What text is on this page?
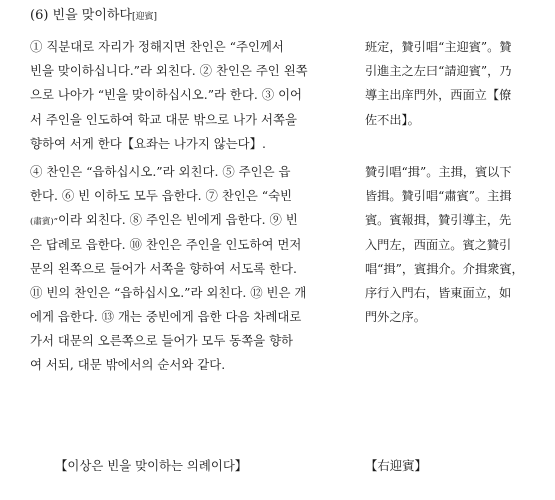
(6) 빈을 맞이하다[迎賓]
① 직분대로 자리가 정해지면 찬인은 “주인께서
빈을 맞이하십니다.”라 외친다. ② 찬인은 주인 왼쪽
으로 나아가 “빈을 맞이하십시오.”라 한다. ③ 이어
서 주인을 인도하여 학교 대문 밖으로 나가 서쪽을
향하여 서게 한다【요좌는 나가지 않는다】.
④ 찬인은 “읍하십시오.”라 외친다. ⑤ 주인은 읍
한다. ⑥ 빈 이하도 모두 읍한다. ⑦ 찬인은 “숙빈
(肅賓)”이라 외친다. ⑧ 주인은 빈에게 읍한다. ⑨ 빈
은 답례로 읍한다. ⑩ 찬인은 주인을 인도하여 먼저
문의 왼쪽으로 들어가 서쪽을 향하여 서도록 한다.
⑪ 빈의 찬인은 “읍하십시오.”라 외친다. ⑫ 빈은 개
에게 읍한다. ⑬ 개는 중빈에게 읍한 다음 차례대로
가서 대문의 오른쪽으로 들어가 모두 동쪽을 향하
여 서되, 대문 밖에서의 순서와 같다.
班定，贊引唱“主迎賓”。贊
引進主之左曰“請迎賓”，乃
導主出庠門外，西面立【僚
佐不出】。
贊引唱“揖”。主揖，賓以下
皆揖。贊引唱“肅賓”。主揖
賓。賓報揖，贊引導主，先
入門左，西面立。賓之贊引
唱“揖”，賓揖介。介揖衆賓，
序行入門右，皆東面立，如
門外之序。
【이상은 빈을 맞이하는 의례이다】	【右迎賓】
